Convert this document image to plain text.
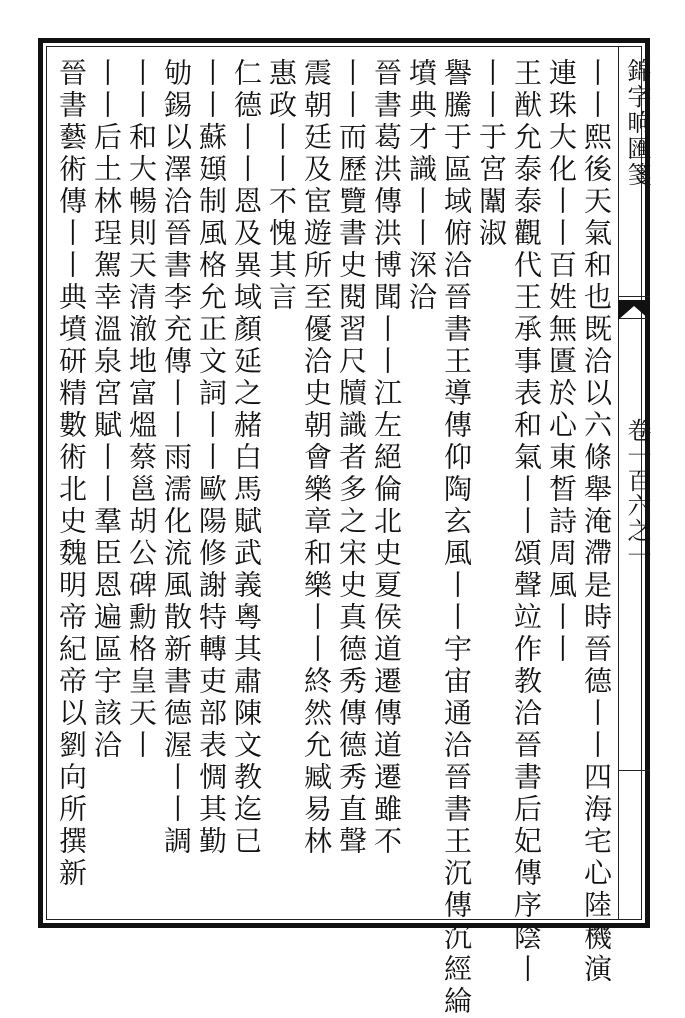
錦字晌匯箋
卷一百六之一
丨丨熙後天氣和也既洽以六條舉淹滯是時晉德丨丨四海宅心陸機演
連珠大化丨丨百姓無匱於心東晳詩周風丨丨
王猷允泰泰觀代王承事表和氣丨丨頌聲竝作教洽晉書后妃傳序陰丨
丨丨于宮闈淑
譽騰于區域俯洽晉書王導傳仰陶玄風丨丨宇宙通洽晉書王沉傳沉經綸
墳典才識丨丨深洽
晉書葛洪傳洪博聞丨丨江左絕倫北史夏侯道遷傳道遷雖不
丨丨而歷覽書史閱習尺牘識者多之宋史真德秀傳德秀直聲
震朝廷及宦遊所至優洽史朝會樂章和樂丨丨終然允臧易林
惠政丨丨不愧其言
仁德丨丨恩及異域顏延之赭白馬賦武義粵其肅陳文教迄已
丨丨蘇頲制風格允正文詞丨丨歐陽修謝特轉吏部表惆其勤
劬錫以澤洽晉書李充傳丨丨雨濡化流風散新書德渥丨丨調
丨丨和大暢則天清澈地富熅蔡邕胡公碑勳格皇天丨
丨丨后土林珵駕幸溫泉宮賦丨丨羣臣恩遍區宇該洽
晉書藝術傳丨丨典墳研精數術北史魏明帝紀帝以劉向所撰新
